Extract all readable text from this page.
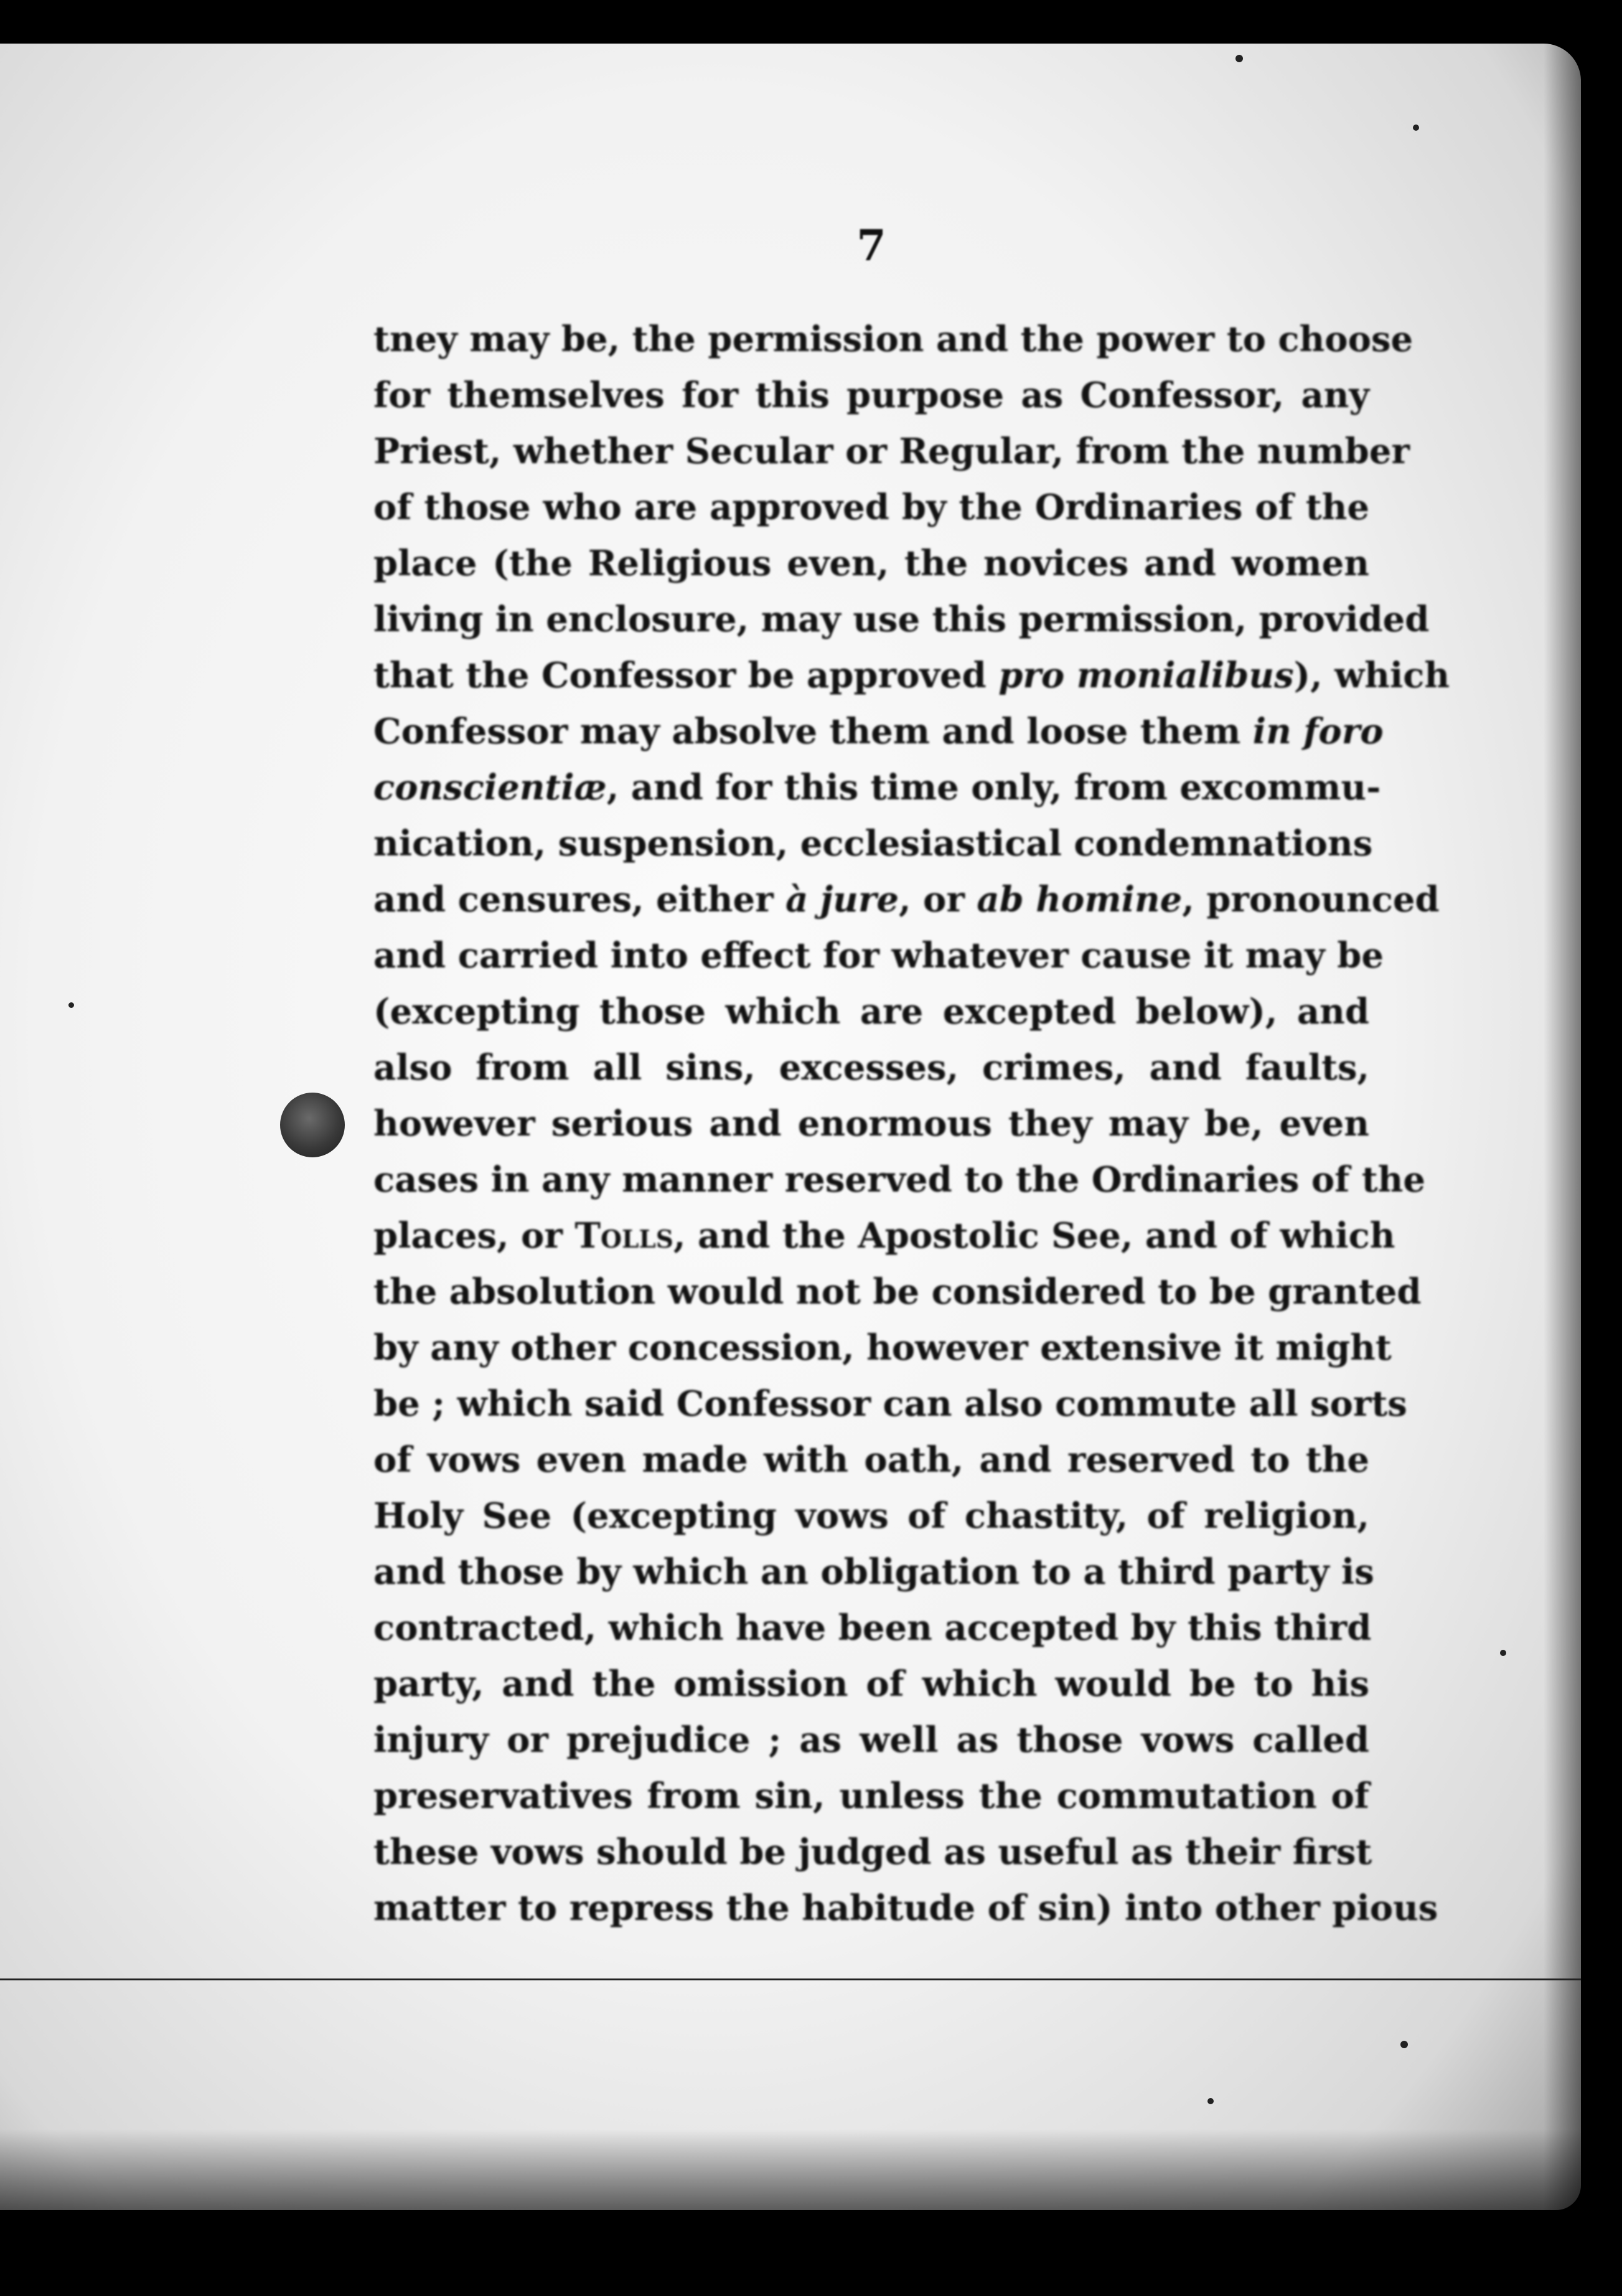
7
tney may be, the permission and the power to choose
for themselves for this purpose as Confessor, any
Priest, whether Secular or Regular, from the number
of those who are approved by the Ordinaries of the
place (the Religious even, the novices and women
living in enclosure, may use this permission, provided
that the Confessor be approved pro monialibus), which
Confessor may absolve them and loose them in foro
conscientiæ, and for this time only, from excommu-
nication, suspension, ecclesiastical condemnations
and censures, either à jure, or ab homine, pronounced
and carried into effect for whatever cause it may be
(excepting those which are excepted below), and
also from all sins, excesses, crimes, and faults,
however serious and enormous they may be, even
cases in any manner reserved to the Ordinaries of the
places, or Tolls, and the Apostolic See, and of which
the absolution would not be considered to be granted
by any other concession, however extensive it might
be ; which said Confessor can also commute all sorts
of vows even made with oath, and reserved to the
Holy See (excepting vows of chastity, of religion,
and those by which an obligation to a third party is
contracted, which have been accepted by this third
party, and the omission of which would be to his
injury or prejudice ; as well as those vows called
preservatives from sin, unless the commutation of
these vows should be judged as useful as their first
matter to repress the habitude of sin) into other pious
